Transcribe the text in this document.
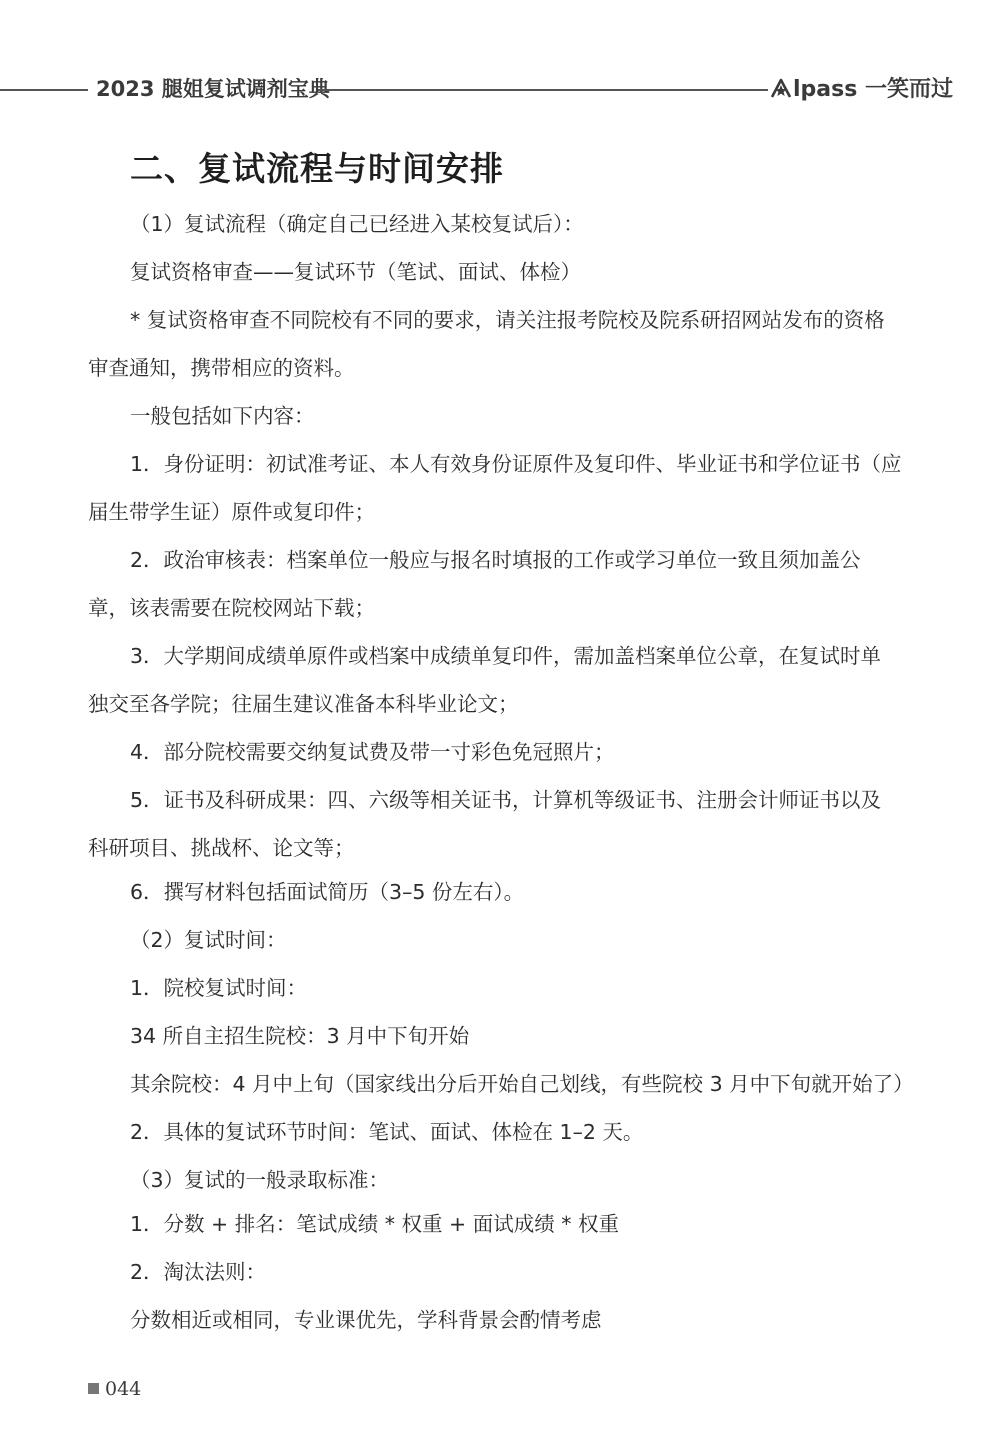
2023 腿姐复试调剂宝典	lpass 一笑而过
二、复试流程与时间安排
（1）复试流程（确定自己已经进入某校复试后）：
复试资格审查——复试环节（笔试、面试、体检）
* 复试资格审查不同院校有不同的要求，请关注报考院校及院系研招网站发布的资格
审查通知，携带相应的资料。
一般包括如下内容：
1．身份证明：初试准考证、本人有效身份证原件及复印件、毕业证书和学位证书（应
届生带学生证）原件或复印件；
2．政治审核表：档案单位一般应与报名时填报的工作或学习单位一致且须加盖公
章，该表需要在院校网站下载；
3．大学期间成绩单原件或档案中成绩单复印件，需加盖档案单位公章，在复试时单
独交至各学院；往届生建议准备本科毕业论文；
4．部分院校需要交纳复试费及带一寸彩色免冠照片；
5．证书及科研成果：四、六级等相关证书，计算机等级证书、注册会计师证书以及
科研项目、挑战杯、论文等；
6．撰写材料包括面试简历（3–5 份左右）。
（2）复试时间：
1．院校复试时间：
34 所自主招生院校：3 月中下旬开始
其余院校：4 月中上旬（国家线出分后开始自己划线，有些院校 3 月中下旬就开始了）
2．具体的复试环节时间：笔试、面试、体检在 1–2 天。
（3）复试的一般录取标准：
1．分数 + 排名：笔试成绩 * 权重 + 面试成绩 * 权重
2．淘汰法则：
分数相近或相同，专业课优先，学科背景会酌情考虑
044
